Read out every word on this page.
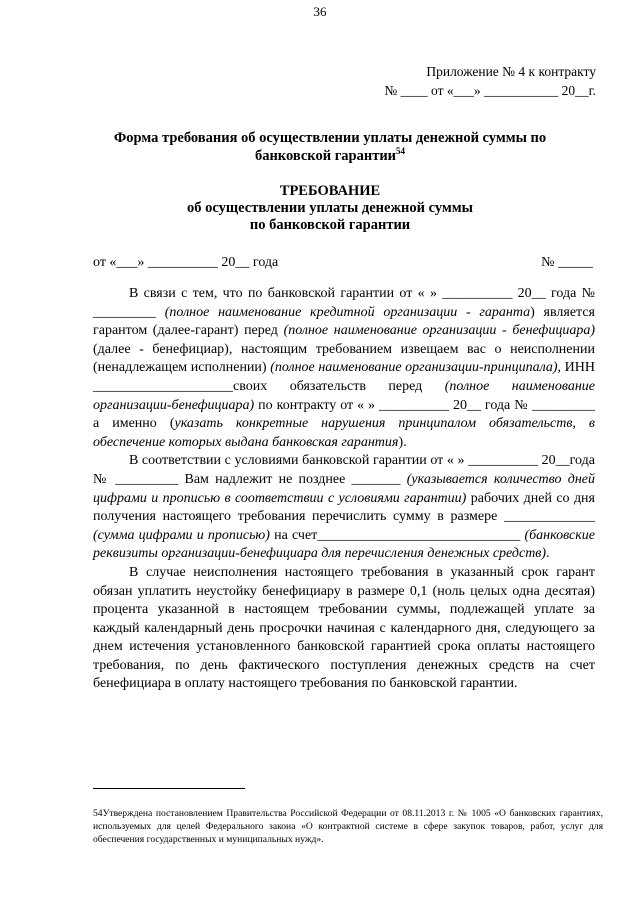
36
Приложение № 4 к контракту
№ ____ от «___» ___________ 20__г.
Форма требования об осуществлении уплаты денежной суммы по
банковской гарантии$^{54}$
ТРЕБОВАНИЕ
об осуществлении уплаты денежной суммы
по банковской гарантии
от «___» __________ 20__ года	№ _____

В связи с тем, что по банковской гарантии от « » __________ 20__ года № _________ (полное наименование кредитной организации - гаранта) является гарантом (далее-гарант) перед (полное наименование организации - бенефициара) (далее - бенефициар), настоящим требованием извещаем вас о неисполнении (ненадлежащем исполнении) (полное наименование организации-принципала), ИНН ____________________своих обязательств перед (полное наименование организации-бенефициара) по контракту от « » __________ 20__ года № _________ а именно (указать конкретные нарушения принципалом обязательств, в обеспечение которых выдана банковская гарантия).

В соответствии с условиями банковской гарантии от « » __________ 20__года № _________ Вам надлежит не позднее _______ (указывается количество дней цифрами и прописью в соответствии с условиями гарантии) рабочих дней со дня получения настоящего требования перечислить сумму в размере _____________ (сумма цифрами и прописью) на счет_____________________________ (банковские реквизиты организации-бенефициара для перечисления денежных средств).

В случае неисполнения настоящего требования в указанный срок гарант обязан уплатить неустойку бенефициару в размере 0,1 (ноль целых одна десятая) процента указанной в настоящем требовании суммы, подлежащей уплате за каждый календарный день просрочки начиная с календарного дня, следующего за днем истечения установленного банковской гарантией срока оплаты настоящего требования, по день фактического поступления денежных средств на счет бенефициара в оплату настоящего требования по банковской гарантии.

54Утверждена постановлением Правительства Российской Федерации от 08.11.2013 г. № 1005 «О банковских гарантиях, используемых для целей Федерального закона «О контрактной системе в сфере закупок товаров, работ, услуг для обеспечения государственных и муниципальных нужд».
